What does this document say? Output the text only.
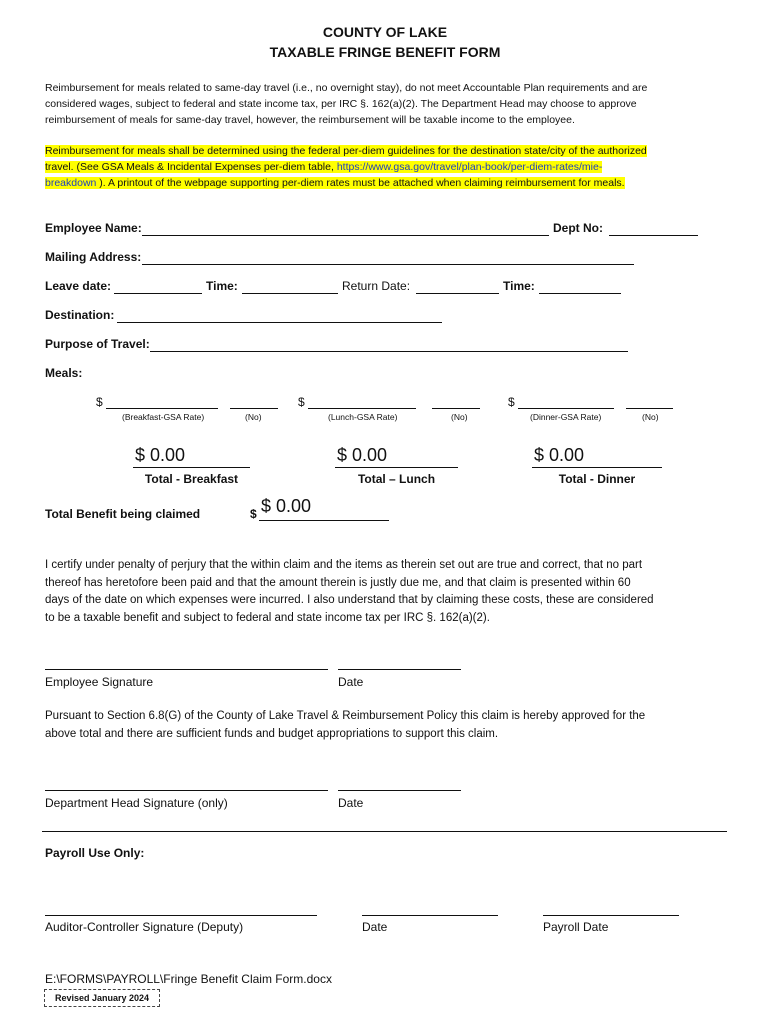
COUNTY OF LAKE
TAXABLE FRINGE BENEFIT FORM
Reimbursement for meals related to same-day travel (i.e., no overnight stay), do not meet Accountable Plan requirements and are
considered wages, subject to federal and state income tax, per IRC §. 162(a)(2). The Department Head may choose to approve
reimbursement of meals for same-day travel, however, the reimbursement will be taxable income to the employee.
Reimbursement for meals shall be determined using the federal per-diem guidelines for the destination state/city of the authorized
travel. (See GSA Meals & Incidental Expenses per-diem table, https://www.gsa.gov/travel/plan-book/per-diem-rates/mie-
breakdown ). A printout of the webpage supporting per-diem rates must be attached when claiming reimbursement for meals.
Employee Name:	Dept No:
Mailing Address:
Leave date:	Time:	Return Date:	Time:
Destination:
Purpose of Travel:
Meals:
$
(Breakfast-GSA Rate)	(No)
$
(Lunch-GSA Rate)	(No)
$
(Dinner-GSA Rate)	(No)
$ 0.00
Total - Breakfast
$ 0.00
Total – Lunch
$ 0.00
Total - Dinner
Total Benefit being claimed	$ $ 0.00
I certify under penalty of perjury that the within claim and the items as therein set out are true and correct, that no part
thereof has heretofore been paid and that the amount therein is justly due me, and that claim is presented within 60
days of the date on which expenses were incurred. I also understand that by claiming these costs, these are considered
to be a taxable benefit and subject to federal and state income tax per IRC §. 162(a)(2).
Employee Signature	Date
Pursuant to Section 6.8(G) of the County of Lake Travel & Reimbursement Policy this claim is hereby approved for the
above total and there are sufficient funds and budget appropriations to support this claim.
Department Head Signature (only)	Date
Payroll Use Only:
Auditor-Controller Signature (Deputy)	Date	Payroll Date
E:\FORMS\PAYROLL\Fringe Benefit Claim Form.docx
Revised January 2024
